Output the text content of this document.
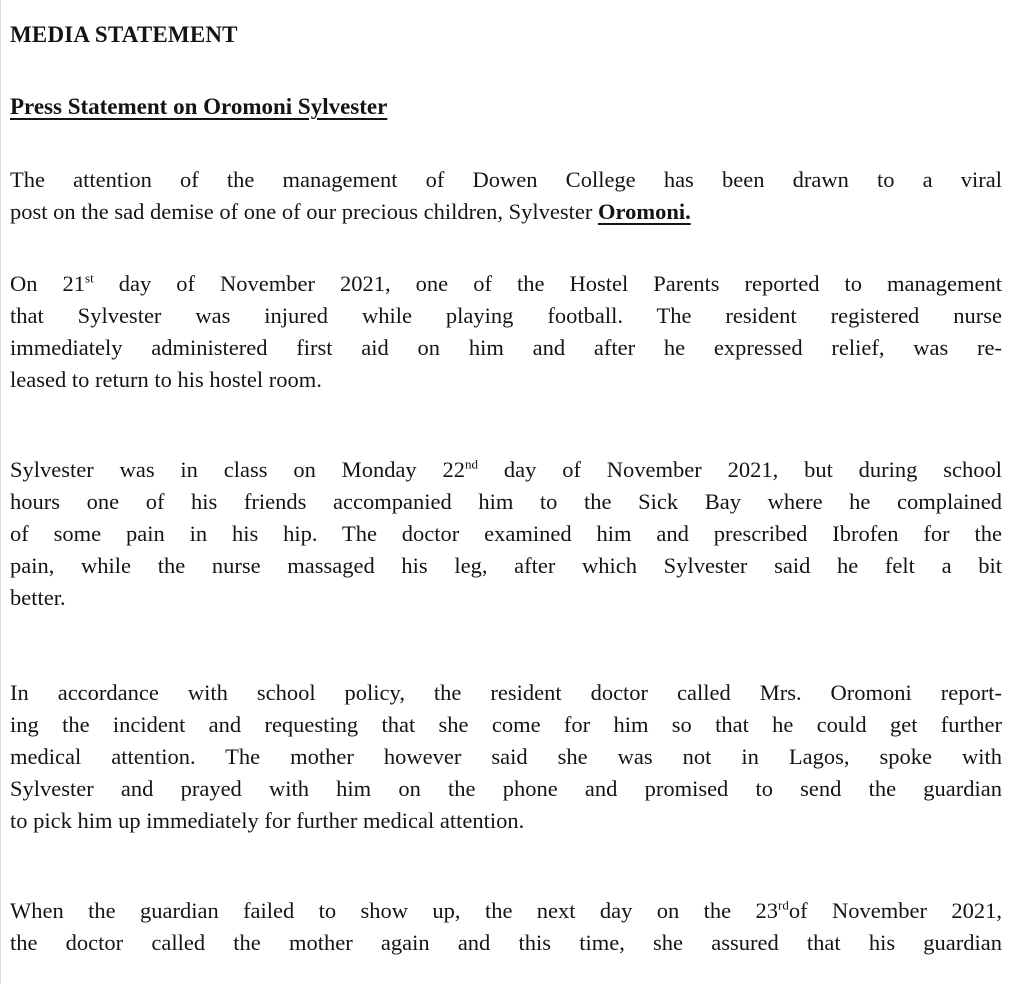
MEDIA STATEMENT
Press Statement on Oromoni Sylvester
The attention of the management of Dowen College has been drawn to a viral
post on the sad demise of one of our precious children, Sylvester Oromoni.
On 21st day of November 2021, one of the Hostel Parents reported to management
that Sylvester was injured while playing football. The resident registered nurse
immediately administered first aid on him and after he expressed relief, was re-
leased to return to his hostel room.
Sylvester was in class on Monday 22nd day of November 2021, but during school
hours one of his friends accompanied him to the Sick Bay where he complained
of some pain in his hip. The doctor examined him and prescribed Ibrofen for the
pain, while the nurse massaged his leg, after which Sylvester said he felt a bit
better.
In accordance with school policy, the resident doctor called Mrs. Oromoni report-
ing the incident and requesting that she come for him so that he could get further
medical attention. The mother however said she was not in Lagos, spoke with
Sylvester and prayed with him on the phone and promised to send the guardian
to pick him up immediately for further medical attention.
When the guardian failed to show up, the next day on the 23rdof November 2021,
the doctor called the mother again and this time, she assured that his guardian
